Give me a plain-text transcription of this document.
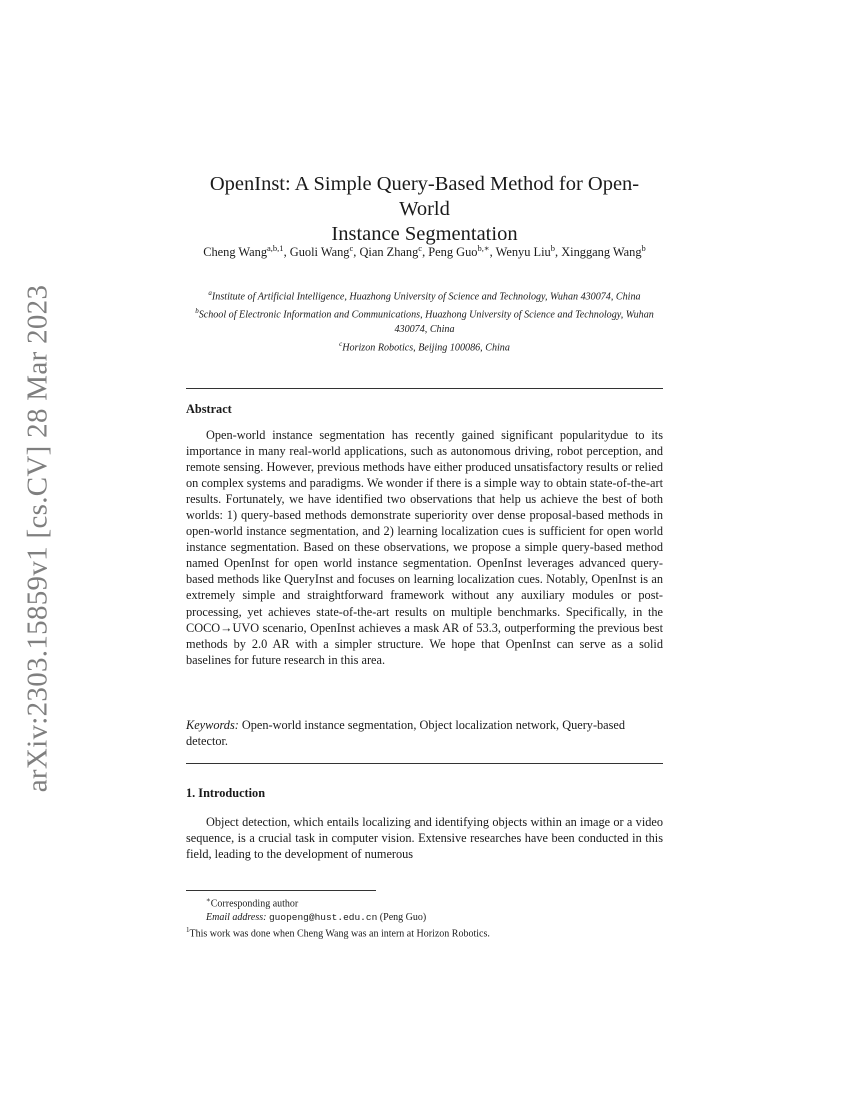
arXiv:2303.15859v1 [cs.CV] 28 Mar 2023
OpenInst: A Simple Query-Based Method for Open-World
Instance Segmentation
Cheng Wang$^{a,b,1}$, Guoli Wang$^c$, Qian Zhang$^c$, Peng Guo$^{b,∗}$, Wenyu Liu$^b$, Xinggang Wang$^b$
$^a$Institute of Artificial Intelligence, Huazhong University of Science and Technology, Wuhan 430074, China
$^b$School of Electronic Information and Communications, Huazhong University of Science and Technology, Wuhan 430074, China
$^c$Horizon Robotics, Beijing 100086, China
Abstract
Open-world instance segmentation has recently gained significant popularitydue to its importance in many real-world applications, such as autonomous driving, robot perception, and remote sensing. However, previous methods have either produced unsatisfactory results or relied on complex systems and paradigms. We wonder if there is a simple way to obtain state-of-the-art results. Fortunately, we have identified two observations that help us achieve the best of both worlds: 1) query-based methods demonstrate superiority over dense proposal-based methods in open-world instance segmentation, and 2) learning localization cues is sufficient for open world instance segmentation. Based on these observations, we propose a simple query-based method named OpenInst for open world instance segmentation. OpenInst leverages advanced query-based methods like QueryInst and focuses on learning localization cues. Notably, OpenInst is an extremely simple and straightforward framework without any auxiliary modules or post-processing, yet achieves state-of-the-art results on multiple benchmarks. Specifically, in the COCO→UVO scenario, OpenInst achieves a mask AR of 53.3, outperforming the previous best methods by 2.0 AR with a simpler structure. We hope that OpenInst can serve as a solid baselines for future research in this area.
Keywords: Open-world instance segmentation, Object localization network, Query-based detector.
1. Introduction
Object detection, which entails localizing and identifying objects within an image or a video sequence, is a crucial task in computer vision. Extensive researches have been conducted in this field, leading to the development of numerous
∗Corresponding author
Email address: guopeng@hust.edu.cn (Peng Guo)
$^1$This work was done when Cheng Wang was an intern at Horizon Robotics.
